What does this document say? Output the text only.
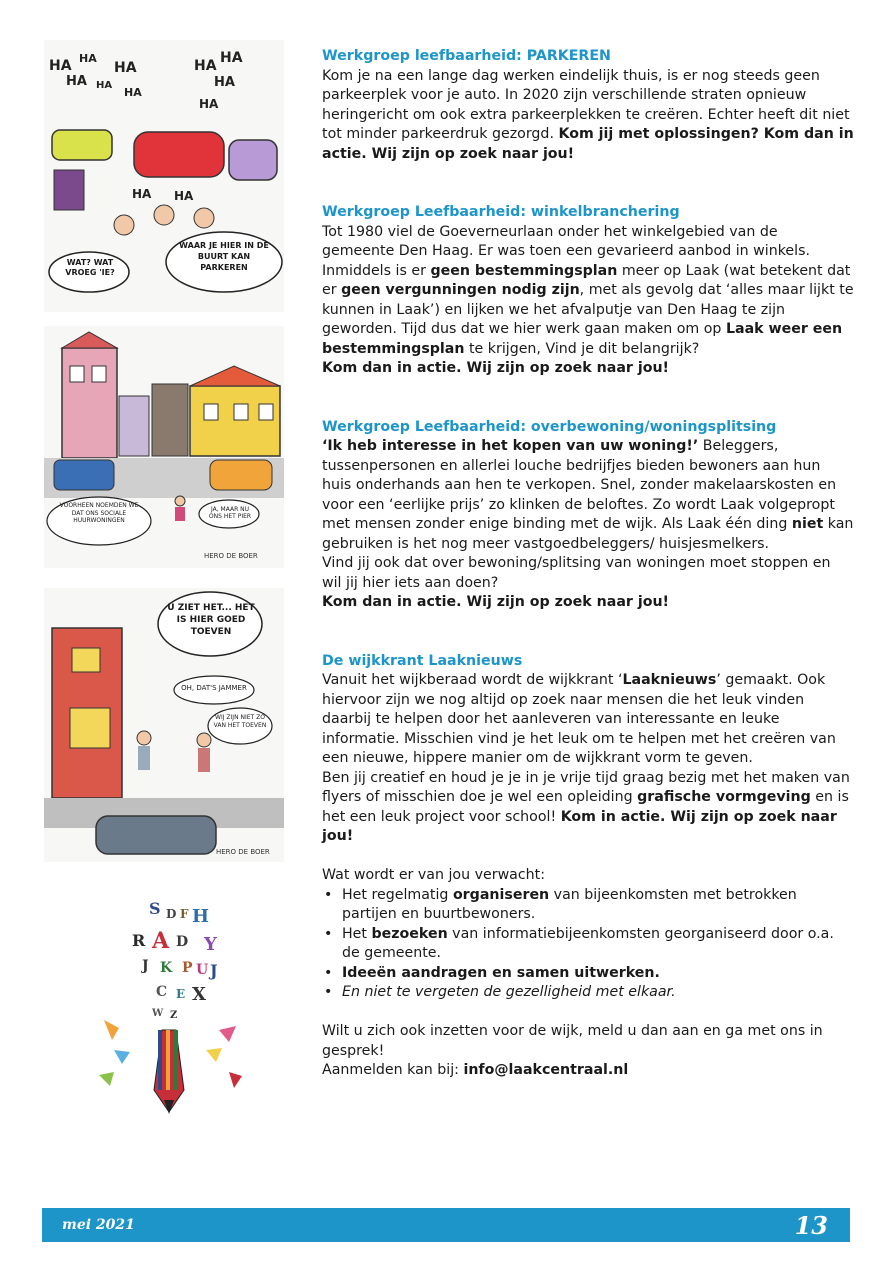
HA HA
HA HA
HA
HA
HA HA
HA
HA
HA HA
WAT? WAT VROEG 'IE?
WAAR JE HIER IN DE BUURT KAN PARKEREN
VOORHEEN NOEMDEN WE DAT ONS SOCIALE HUURWONINGEN
JA, MAAR NU ONS HET PIER
HERO DE BOER
U ZIET HET... HET IS HIER GOED TOEVEN
OH, DAT'S JAMMER
WIJ ZIJN NIET ZO VAN HET TOEVEN
HERO DE BOER
S D F H
R A D Y
J K P U J
C X
E
Z
W

Werkgroep leefbaarheid: PARKEREN

Kom je na een lange dag werken eindelijk thuis, is er nog steeds geen parkeerplek voor je auto. In 2020 zijn verschillende straten opnieuw heringericht om ook extra parkeerplekken te creëren. Echter heeft dit niet tot minder parkeerdruk gezorgd. Kom jij met oplossingen? Kom dan in actie. Wij zijn op zoek naar jou!

Werkgroep Leefbaarheid: winkelbranchering

Tot 1980 viel de Goeverneurlaan onder het winkelgebied van de gemeente Den Haag. Er was toen een gevarieerd aanbod in winkels. Inmiddels is er geen bestemmingsplan meer op Laak (wat betekent dat er geen vergunningen nodig zijn, met als gevolg dat ‘alles maar lijkt te kunnen in Laak’) en lijken we het afvalputje van Den Haag te zijn geworden. Tijd dus dat we hier werk gaan maken om op Laak weer een bestemmingsplan te krijgen, Vind je dit belangrijk?

Kom dan in actie. Wij zijn op zoek naar jou!

Werkgroep Leefbaarheid: overbewoning/woningsplitsing

‘Ik heb interesse in het kopen van uw woning!’ Beleggers, tussenpersonen en allerlei louche bedrijfjes bieden bewoners aan hun huis onderhands aan hen te verkopen. Snel, zonder makelaarskosten en voor een ‘eerlijke prijs’ zo klinken de beloftes. Zo wordt Laak volgepropt met mensen zonder enige binding met de wijk. Als Laak één ding niet kan gebruiken is het nog meer vastgoedbeleggers/ huisjesmelkers.

Vind jij ook dat over bewoning/splitsing van woningen moet stoppen en wil jij hier iets aan doen?

Kom dan in actie. Wij zijn op zoek naar jou!

De wijkkrant Laaknieuws

Vanuit het wijkberaad wordt de wijkkrant ‘Laaknieuws’ gemaakt. Ook hiervoor zijn we nog altijd op zoek naar mensen die het leuk vinden daarbij te helpen door het aanleveren van interessante en leuke informatie. Misschien vind je het leuk om te helpen met het creëren van een nieuwe, hippere manier om de wijkkrant vorm te geven.

Ben jij creatief en houd je je in je vrije tijd graag bezig met het maken van flyers of misschien doe je wel een opleiding grafische vormgeving en is het een leuk project voor school! Kom in actie. Wij zijn op zoek naar jou!

Wat wordt er van jou verwacht:

• Het regelmatig organiseren van bijeenkomsten met betrokken partijen en buurtbewoners.
• Het bezoeken van informatiebijeenkomsten georganiseerd door o.a. de gemeente.
• Ideeën aandragen en samen uitwerken.
• En niet te vergeten de gezelligheid met elkaar.

Wilt u zich ook inzetten voor de wijk, meld u dan aan en ga met ons in gesprek!

Aanmelden kan bij: info@laakcentraal.nl

mei 2021	13
